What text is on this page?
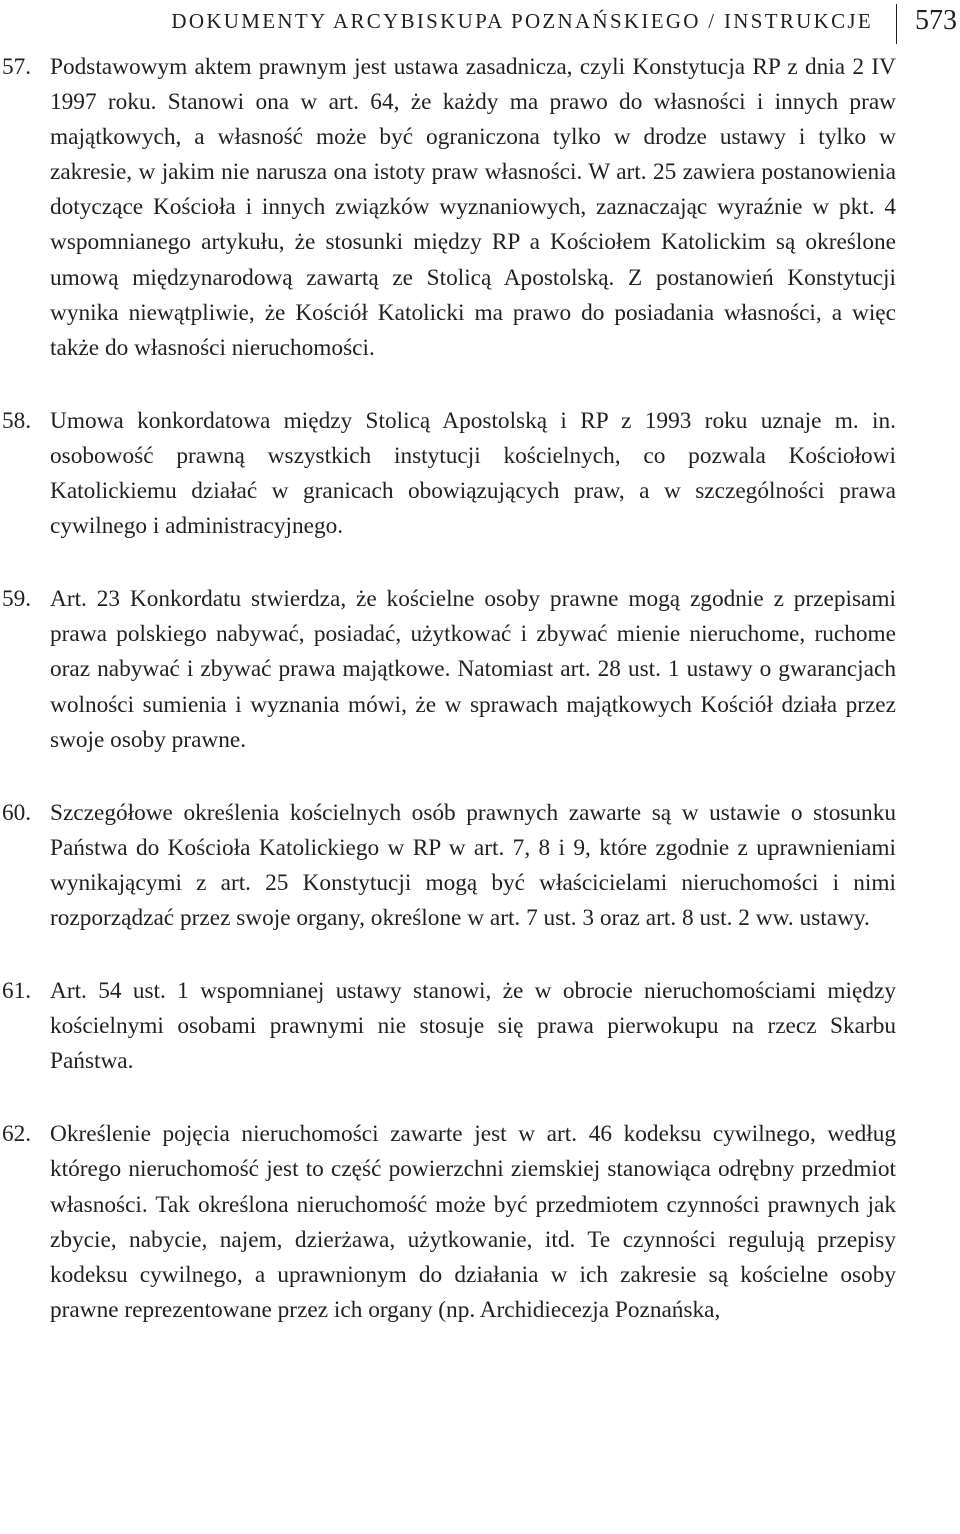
DOKUMENTY ARCYBISKUPA POZNAŃSKIEGO / INSTRUKCJE 573
57. Podstawowym aktem prawnym jest ustawa zasadnicza, czyli Konstytucja RP z dnia 2 IV 1997 roku. Stanowi ona w art. 64, że każdy ma prawo do własności i innych praw majątkowych, a własność może być ograniczona tylko w drodze ustawy i tylko w zakresie, w jakim nie narusza ona istoty praw własności. W art. 25 zawiera postanowienia dotyczące Kościoła i innych związków wyznaniowych, zaznaczając wyraźnie w pkt. 4 wspomnianego artykułu, że stosunki między RP a Kościołem Katolickim są określone umową międzynarodową zawartą ze Stolicą Apostolską. Z postanowień Konstytucji wynika niewątpliwie, że Kościół Katolicki ma prawo do posiadania własności, a więc także do własności nieruchomości.
58. Umowa konkordatowa między Stolicą Apostolską i RP z 1993 roku uznaje m. in. osobowość prawną wszystkich instytucji kościelnych, co pozwala Kościołowi Katolickiemu działać w granicach obowiązujących praw, a w szczególności prawa cywilnego i administracyjnego.
59. Art. 23 Konkordatu stwierdza, że kościelne osoby prawne mogą zgodnie z przepisami prawa polskiego nabywać, posiadać, użytkować i zbywać mienie nieruchome, ruchome oraz nabywać i zbywać prawa majątkowe. Natomiast art. 28 ust. 1 ustawy o gwarancjach wolności sumienia i wyznania mówi, że w sprawach majątkowych Kościół działa przez swoje osoby prawne.
60. Szczegółowe określenia kościelnych osób prawnych zawarte są w ustawie o stosunku Państwa do Kościoła Katolickiego w RP w art. 7, 8 i 9, które zgodnie z uprawnieniami wynikającymi z art. 25 Konstytucji mogą być właścicielami nieruchomości i nimi rozporządzać przez swoje organy, określone w art. 7 ust. 3 oraz art. 8 ust. 2 ww. ustawy.
61. Art. 54 ust. 1 wspomnianej ustawy stanowi, że w obrocie nieruchomościami między kościelnymi osobami prawnymi nie stosuje się prawa pierwokupu na rzecz Skarbu Państwa.
62. Określenie pojęcia nieruchomości zawarte jest w art. 46 kodeksu cywilnego, według którego nieruchomość jest to część powierzchni ziemskiej stanowiąca odrębny przedmiot własności. Tak określona nieruchomość może być przedmiotem czynności prawnych jak zbycie, nabycie, najem, dzierżawa, użytkowanie, itd. Te czynności regulują przepisy kodeksu cywilnego, a uprawnionym do działania w ich zakresie są kościelne osoby prawne reprezentowane przez ich organy (np. Archidiecezja Poznańska,
